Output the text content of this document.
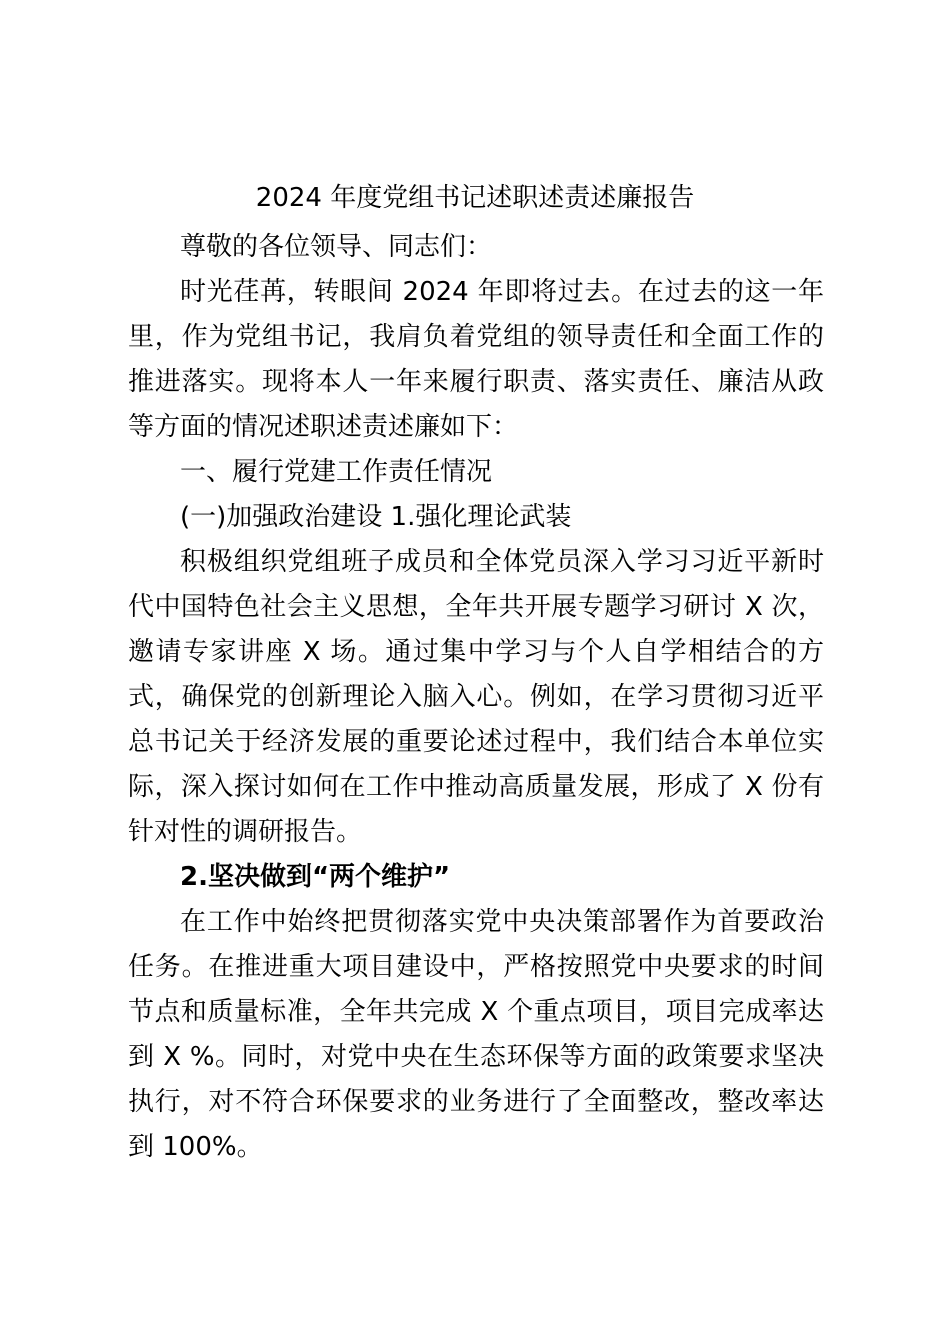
2024 年度党组书记述职述责述廉报告

尊敬的各位领导、同志们：

时光荏苒，转眼间 2024 年即将过去。在过去的这一年里，作为党组书记，我肩负着党组的领导责任和全面工作的推进落实。现将本人一年来履行职责、落实责任、廉洁从政等方面的情况述职述责述廉如下：

一、履行党建工作责任情况

(一)加强政治建设 1.强化理论武装

积极组织党组班子成员和全体党员深入学习习近平新时代中国特色社会主义思想，全年共开展专题学习研讨 X 次，邀请专家讲座 X 场。通过集中学习与个人自学相结合的方式，确保党的创新理论入脑入心。例如，在学习贯彻习近平总书记关于经济发展的重要论述过程中，我们结合本单位实际，深入探讨如何在工作中推动高质量发展，形成了 X 份有针对性的调研报告。

2.坚决做到“两个维护”

在工作中始终把贯彻落实党中央决策部署作为首要政治任务。在推进重大项目建设中，严格按照党中央要求的时间节点和质量标准，全年共完成 X 个重点项目，项目完成率达到 X %。同时，对党中央在生态环保等方面的政策要求坚决执行，对不符合环保要求的业务进行了全面整改，整改率达到 100%。
